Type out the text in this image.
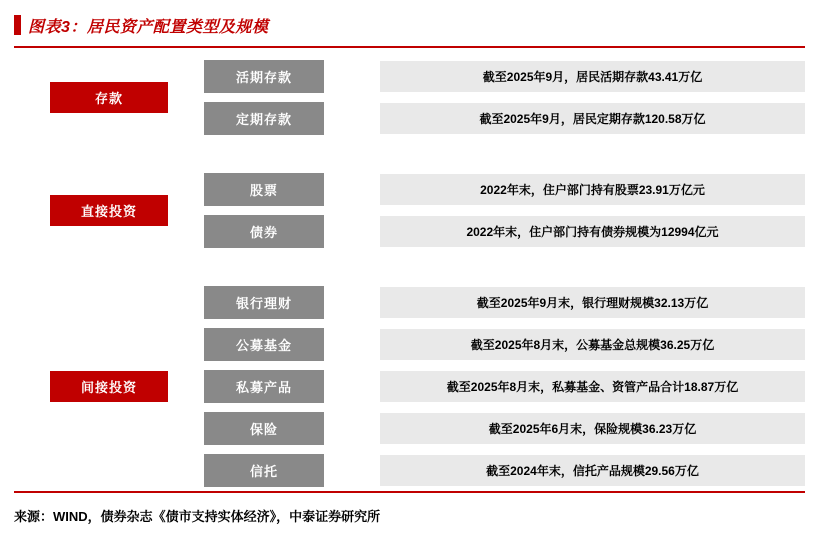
图表3：居民资产配置类型及规模
存款
活期存款	截至2025年9月，居民活期存款43.41万亿
定期存款	截至2025年9月，居民定期存款120.58万亿
直接投资
股票	2022年末，住户部门持有股票23.91万亿元
债券	2022年末，住户部门持有债券规模为12994亿元
间接投资
银行理财	截至2025年9月末，银行理财规模32.13万亿
公募基金	截至2025年8月末，公募基金总规模36.25万亿
私募产品	截至2025年8月末，私募基金、资管产品合计18.87万亿
保险	截至2025年6月末，保险规模36.23万亿
信托	截至2024年末，信托产品规模29.56万亿
来源：WIND，债券杂志《债市支持实体经济》，中泰证券研究所
